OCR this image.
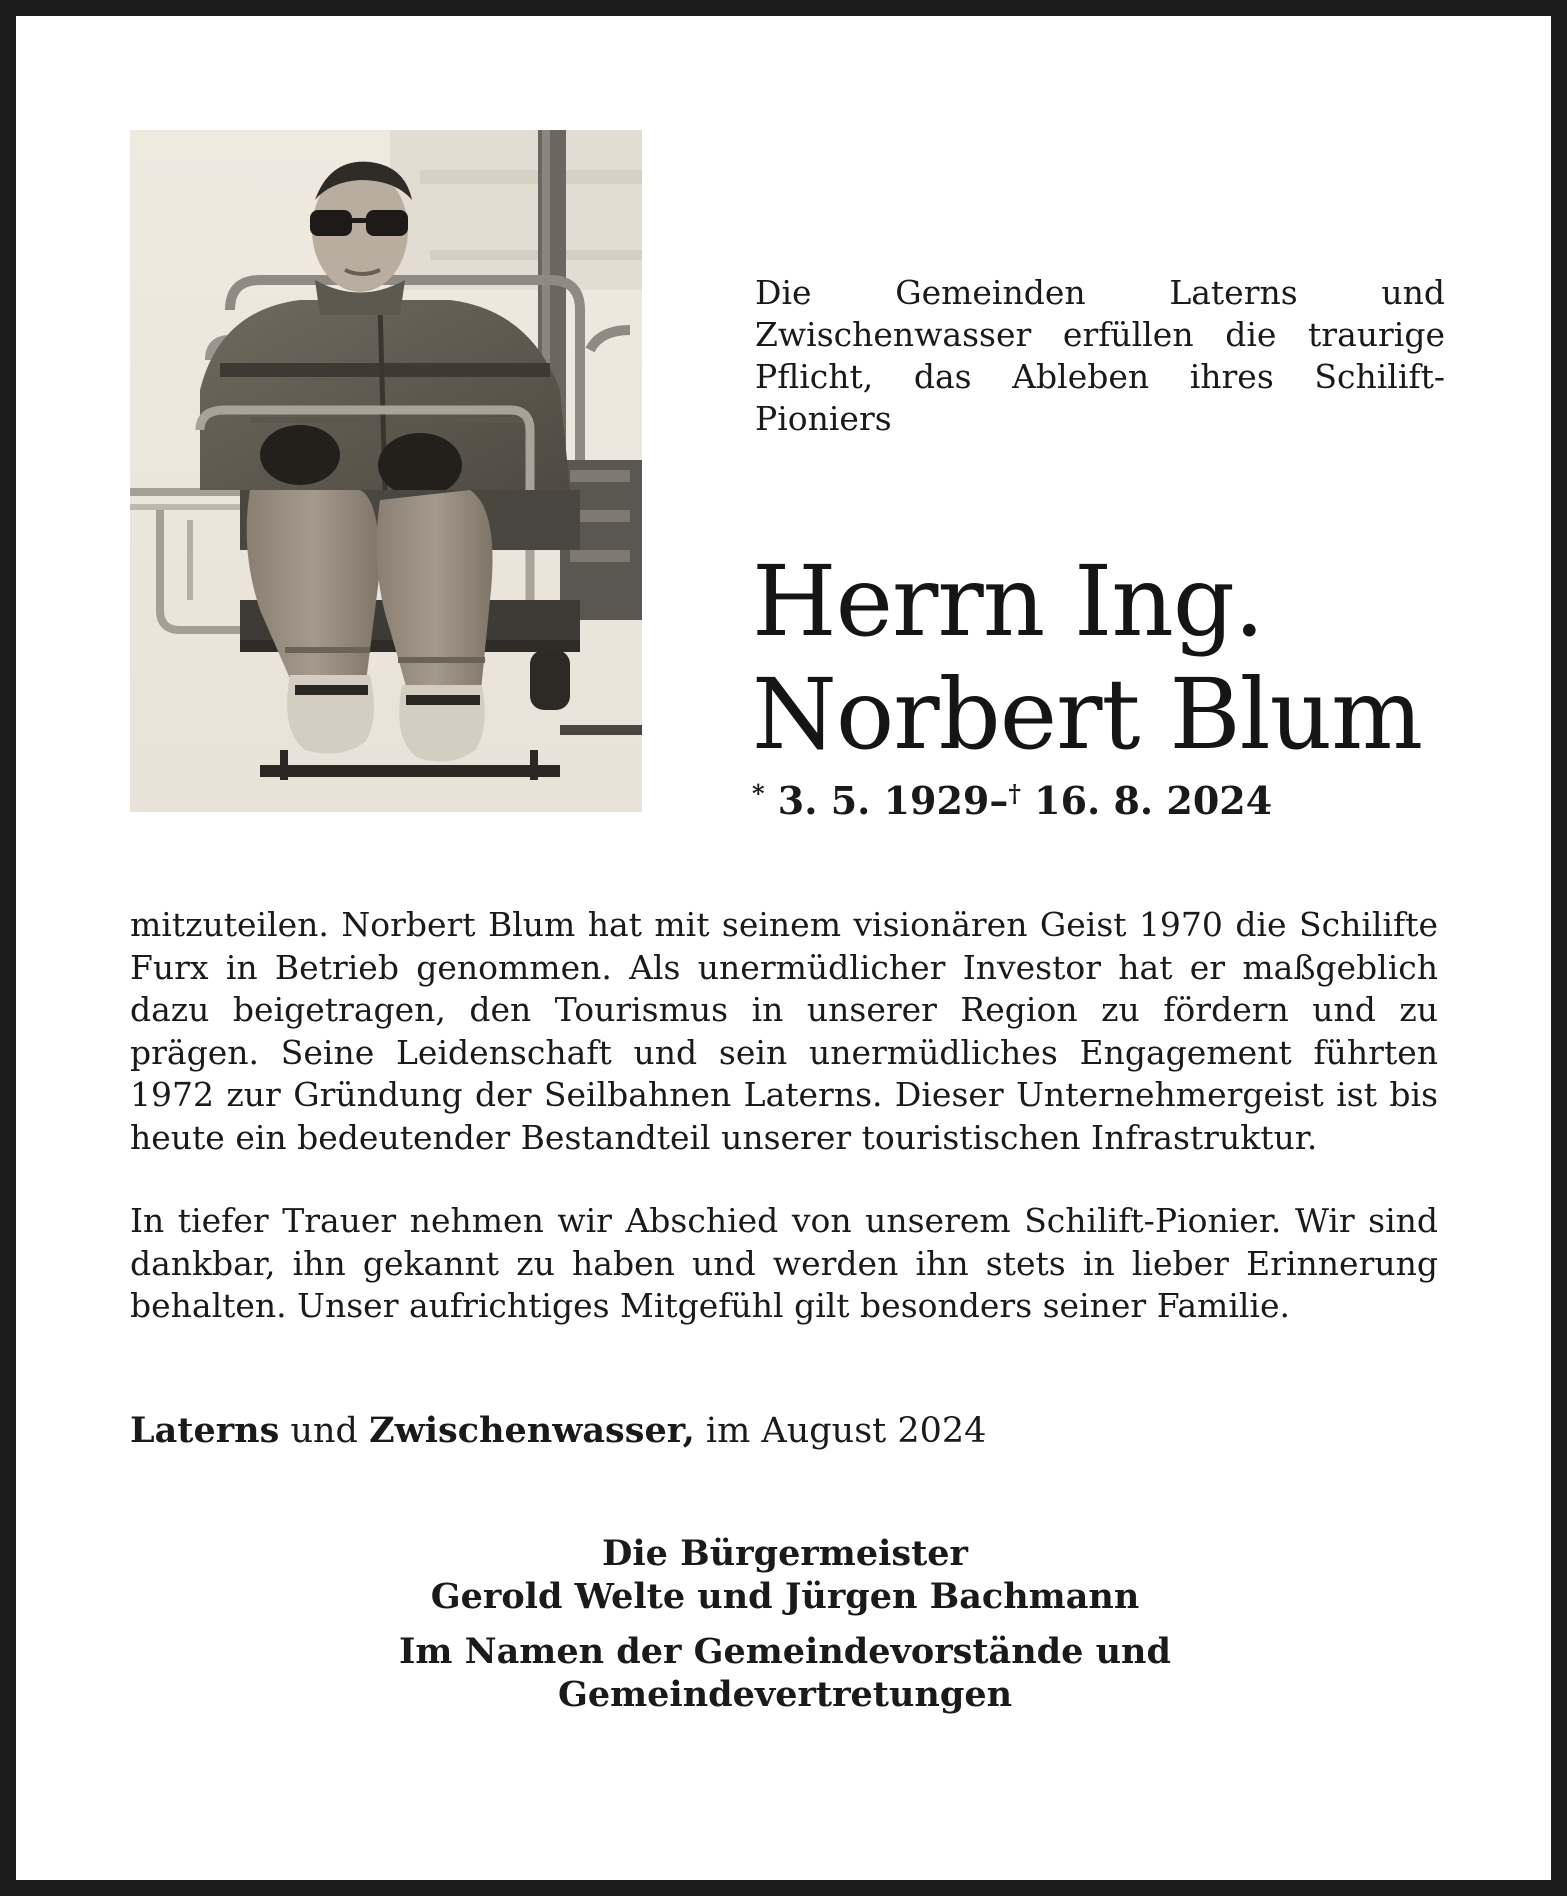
Die Gemeinden Laterns und Zwischenwasser erfüllen die traurige Pflicht, das Ableben ihres Schilift-Pioniers
Herrn Ing.
Norbert Blum
* 3. 5. 1929–† 16. 8. 2024
mitzuteilen. Norbert Blum hat mit seinem visionären Geist 1970 die Schilifte Furx in Betrieb genommen. Als unermüdlicher Investor hat er maßgeblich dazu beigetragen, den Tourismus in unserer Region zu fördern und zu prägen. Seine Leidenschaft und sein unermüdliches Engagement führten 1972 zur Gründung der Seilbahnen Laterns. Dieser Unternehmergeist ist bis heute ein bedeutender Bestandteil unserer touristischen Infrastruktur.
In tiefer Trauer nehmen wir Abschied von unserem Schilift-Pionier. Wir sind dankbar, ihn gekannt zu haben und werden ihn stets in lieber Erinnerung behalten. Unser aufrichtiges Mitgefühl gilt besonders seiner Familie.
Laterns und Zwischenwasser, im August 2024
Die Bürgermeister
Gerold Welte und Jürgen Bachmann
Im Namen der Gemeindevorstände und
Gemeindevertretungen
